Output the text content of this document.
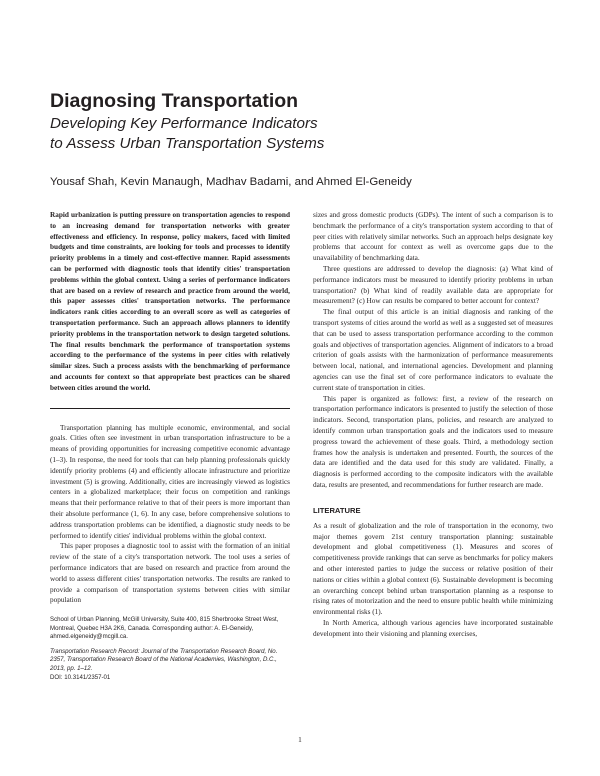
Diagnosing Transportation
Developing Key Performance Indicators
to Assess Urban Transportation Systems
Yousaf Shah, Kevin Manaugh, Madhav Badami, and Ahmed El-Geneidy

Rapid urbanization is putting pressure on transportation agencies to respond to an increasing demand for transportation networks with greater effectiveness and efficiency. In response, policy makers, faced with limited budgets and time constraints, are looking for tools and processes to identify priority problems in a timely and cost-effective manner. Rapid assessments can be performed with diagnostic tools that identify cities' transportation problems within the global context. Using a series of performance indicators that are based on a review of research and practice from around the world, this paper assesses cities' transportation networks. The performance indicators rank cities according to an overall score as well as categories of transportation performance. Such an approach allows planners to identify priority problems in the transportation network to design targeted solutions. The final results benchmark the performance of transportation systems according to the performance of the systems in peer cities with relatively similar sizes. Such a process assists with the benchmarking of performance and accounts for context so that appropriate best practices can be shared between cities around the world.

Transportation planning has multiple economic, environmental, and social goals. Cities often see investment in urban transportation infrastructure to be a means of providing opportunities for increasing competitive economic advantage (1–3). In response, the need for tools that can help planning professionals quickly identify priority problems (4) and efficiently allocate infrastructure and prioritize investment (5) is growing. Additionally, cities are increasingly viewed as logistics centers in a globalized marketplace; their focus on competition and rankings means that their performance relative to that of their peers is more important than their absolute performance (1, 6). In any case, before comprehensive solutions to address transportation problems can be identified, a diagnostic study needs to be performed to identify cities' individual problems within the global context.

This paper proposes a diagnostic tool to assist with the formation of an initial review of the state of a city's transportation network. The tool uses a series of performance indicators that are based on research and practice from around the world to assess different cities' transportation networks. The results are ranked to provide a comparison of transportation systems between cities with similar population

School of Urban Planning, McGill University, Suite 400, 815 Sherbrooke Street West, Montreal, Quebec H3A 2K6, Canada. Corresponding author: A. El-Geneidy, ahmed.elgeneidy@mcgill.ca.

Transportation Research Record: Journal of the Transportation Research Board, No. 2357, Transportation Research Board of the National Academies, Washington, D.C., 2013, pp. 1–12.

DOI: 10.3141/2357-01

sizes and gross domestic products (GDPs). The intent of such a comparison is to benchmark the performance of a city's transportation system according to that of peer cities with relatively similar networks. Such an approach helps designate key problems that account for context as well as overcome gaps due to the unavailability of benchmarking data.

Three questions are addressed to develop the diagnosis: (a) What kind of performance indicators must be measured to identify priority problems in urban transportation? (b) What kind of readily available data are appropriate for measurement? (c) How can results be compared to better account for context?

The final output of this article is an initial diagnosis and ranking of the transport systems of cities around the world as well as a suggested set of measures that can be used to assess transportation performance according to the common goals and objectives of transportation agencies. Alignment of indicators to a broad criterion of goals assists with the harmonization of performance measurements between local, national, and international agencies. Development and planning agencies can use the final set of core performance indicators to evaluate the current state of transportation in cities.

This paper is organized as follows: first, a review of the research on transportation performance indicators is presented to justify the selection of those indicators. Second, transportation plans, policies, and research are analyzed to identify common urban transportation goals and the indicators used to measure progress toward the achievement of these goals. Third, a methodology section frames how the analysis is undertaken and presented. Fourth, the sources of the data are identified and the data used for this study are validated. Finally, a diagnosis is performed according to the composite indicators with the available data, results are presented, and recommendations for further research are made.

LITERATURE

As a result of globalization and the role of transportation in the economy, two major themes govern 21st century transportation planning: sustainable development and global competitiveness (1). Measures and scores of competitiveness provide rankings that can serve as benchmarks for policy makers and other interested parties to judge the success or relative position of their nations or cities within a global context (6). Sustainable development is becoming an overarching concept behind urban transportation planning as a response to rising rates of motorization and the need to ensure public health while minimizing environmental risks (1).

In North America, although various agencies have incorporated sustainable development into their visioning and planning exercises,

1
